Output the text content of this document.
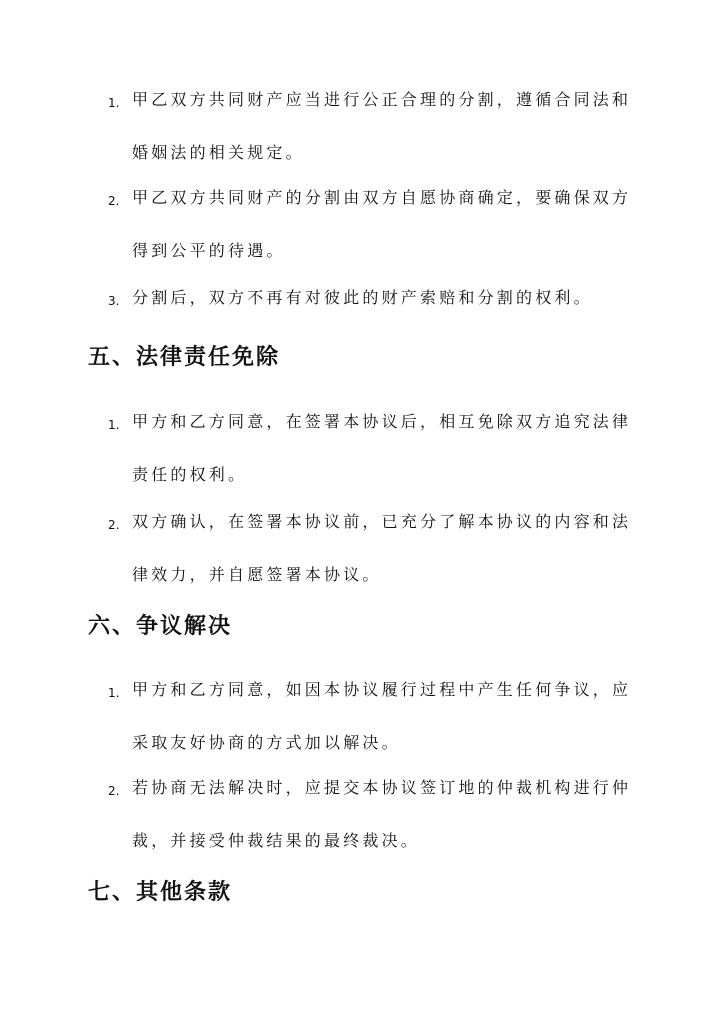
1. 甲乙双方共同财产应当进行公正合理的分割，遵循合同法和
婚姻法的相关规定。
2. 甲乙双方共同财产的分割由双方自愿协商确定，要确保双方
得到公平的待遇。
3. 分割后，双方不再有对彼此的财产索赔和分割的权利。
五、法律责任免除
1. 甲方和乙方同意，在签署本协议后，相互免除双方追究法律
责任的权利。
2. 双方确认，在签署本协议前，已充分了解本协议的内容和法
律效力，并自愿签署本协议。
六、争议解决
1. 甲方和乙方同意，如因本协议履行过程中产生任何争议，应
采取友好协商的方式加以解决。
2. 若协商无法解决时，应提交本协议签订地的仲裁机构进行仲
裁，并接受仲裁结果的最终裁决。
七、其他条款
